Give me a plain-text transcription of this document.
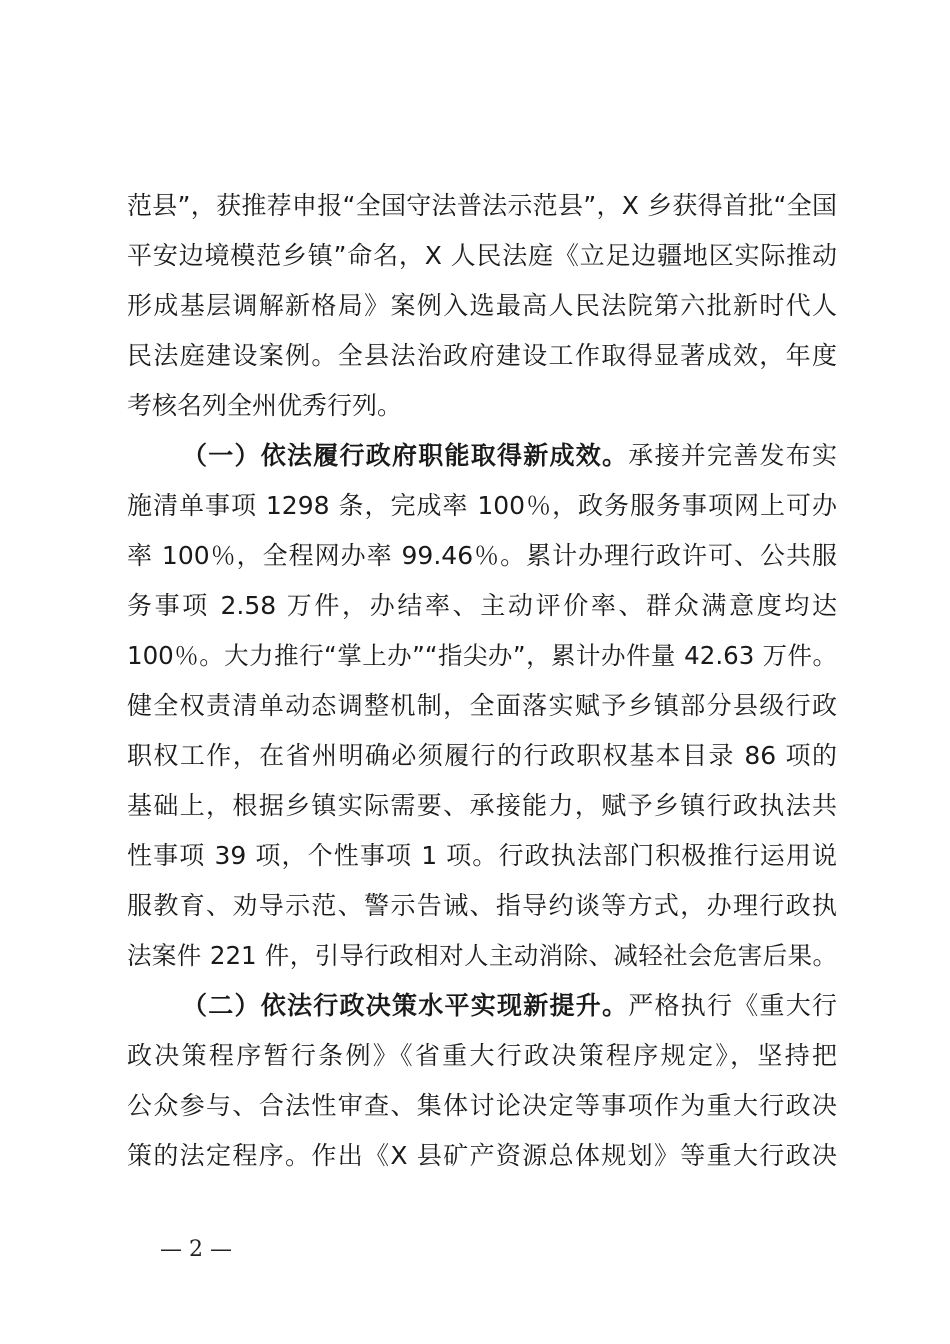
范县”，获推荐申报“全国守法普法示范县”，X 乡获得首批“全国
平安边境模范乡镇”命名，X 人民法庭《立足边疆地区实际推动
形成基层调解新格局》案例入选最高人民法院第六批新时代人
民法庭建设案例。全县法治政府建设工作取得显著成效，年度
考核名列全州优秀行列。
（一）依法履行政府职能取得新成效。承接并完善发布实
施清单事项 1298 条，完成率 100％，政务服务事项网上可办
率 100％，全程网办率 99.46％。累计办理行政许可、公共服
务事项 2.58 万件，办结率、主动评价率、群众满意度均达
100％。大力推行“掌上办”“指尖办”，累计办件量 42.63 万件。
健全权责清单动态调整机制，全面落实赋予乡镇部分县级行政
职权工作，在省州明确必须履行的行政职权基本目录 86 项的
基础上，根据乡镇实际需要、承接能力，赋予乡镇行政执法共
性事项 39 项，个性事项 1 项。行政执法部门积极推行运用说
服教育、劝导示范、警示告诫、指导约谈等方式，办理行政执
法案件 221 件，引导行政相对人主动消除、减轻社会危害后果。
（二）依法行政决策水平实现新提升。严格执行《重大行
政决策程序暂行条例》《省重大行政决策程序规定》，坚持把
公众参与、合法性审查、集体讨论决定等事项作为重大行政决
策的法定程序。作出《X 县矿产资源总体规划》等重大行政决
— 2 —
